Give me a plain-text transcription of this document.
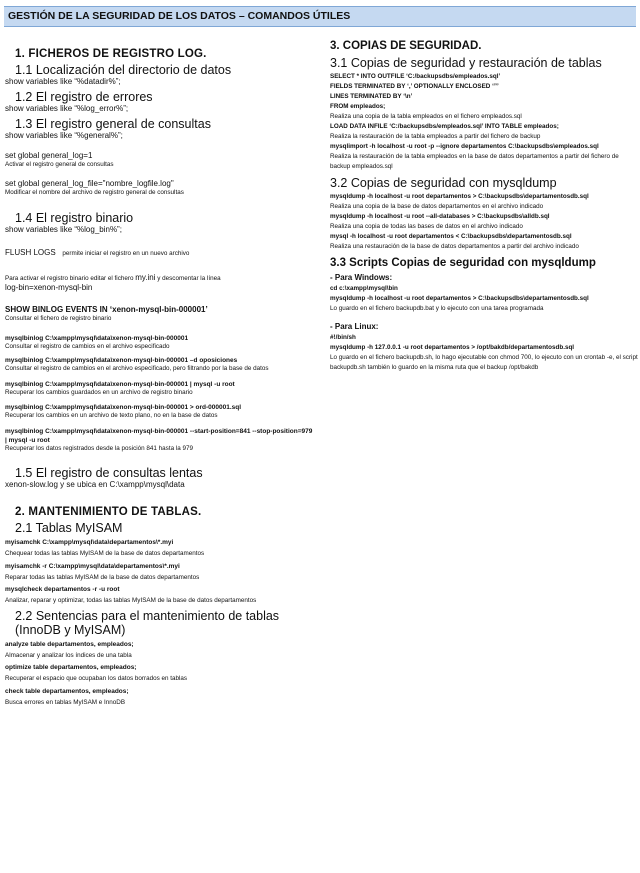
GESTIÓN DE LA SEGURIDAD DE LOS DATOS – COMANDOS ÚTILES
1. FICHEROS DE REGISTRO LOG.
1.1 Localización del directorio de datos
show variables like “%datadir%”;
1.2 El registro de errores
show variables like “%log_error%”;
1.3 El registro general de consultas
show variables like “%general%”;
set global general_log=1
Activar el registro general de consultas
set global general_log_file="nombre_logfile.log"
Modificar el nombre del archivo de registro general de consultas
1.4 El registro binario
show variables like “%log_bin%”;
FLUSH LOGS permite iniciar el registro en un nuevo archivo
Para activar el registro binario editar el fichero my.ini y descomentar la línea
log-bin=xenon-mysql-bin
SHOW BINLOG EVENTS IN ‘xenon-mysql-bin-000001’
Consultar el fichero de registro binario
mysqlbinlog C:\xampp\mysql\data\xenon-mysql-bin-000001
Consultar el registro de cambios en el archivo especificado
mysqlbinlog C:\xampp\mysql\data\xenon-mysql-bin-000001 –d oposiciones
Consultar el registro de cambios en el archivo especificado, pero filtrando por la base de datos
mysqlbinlog C:\xampp\mysql\data\xenon-mysql-bin-000001 | mysql -u root
Recuperar los cambios guardados en un archivo de registro binario
mysqlbinlog C:\xampp\mysql\data\xenon-mysql-bin-000001 > ord-000001.sql
Recuperar los cambios en un archivo de texto plano, no en la base de datos
mysqlbinlog C:\xampp\mysql\data\xenon-mysql-bin-000001 --start-position=841 --stop-position=979 | mysql -u root
Recuperar los datos registrados desde la posición 841 hasta la 979
1.5 El registro de consultas lentas
xenon-slow.log y se ubica en C:\xampp\mysql\data
2. MANTENIMIENTO DE TABLAS.
2.1 Tablas MyISAM
myisamchk C:\xampp\mysql\data\departamentos\*.myi
Chequear todas las tablas MyISAM de la base de datos departamentos
myisamchk -r C:\xampp\mysql\data\departamentos\*.myi
Reparar todas las tablas MyISAM de la base de datos departamentos
mysqlcheck departamentos -r -u root
Analizar, reparar y optimizar, todas las tablas MyISAM de la base de datos departamentos
2.2 Sentencias para el mantenimiento de tablas (InnoDB y MyISAM)
analyze table departamentos, empleados;
Almacenar y analizar los índices de una tabla
optimize table departamentos, empleados;
Recuperar el espacio que ocupaban los datos borrados en tablas
check table departamentos, empleados;
Busca errores en tablas MyISAM e InnoDB
3. COPIAS DE SEGURIDAD.
3.1 Copias de seguridad y restauración de tablas
SELECT * INTO OUTFILE ‘C:/backupsdbs/empleados.sql’
FIELDS TERMINATED BY ‘,’ OPTIONALLY ENCLOSED ‘”’
LINES TERMINATED BY ‘\n’
FROM empleados;
Realiza una copia de la tabla empleados en el fichero empleados.sql
LOAD DATA INFILE ‘C:/backupsdbs/empleados.sql’ INTO TABLE empleados;
Realiza la restauración de la tabla empleados a partir del fichero de backup
mysqlimport -h localhost -u root -p --ignore departamentos C:\backupsdbs\empleados.sql
Realiza la restauración de la tabla empleados en la base de datos departamentos a partir del fichero de backup empleados.sql
3.2 Copias de seguridad con mysqldump
mysqldump -h localhost -u root departamentos > C:\backupsdbs\departamentosdb.sql
Realiza una copia de la base de datos departamentos en el archivo indicado
mysqldump -h localhost -u root --all-databases > C:\backupsdbs\alldb.sql
Realiza una copia de todas las bases de datos en el archivo indicado
mysql -h localhost -u root departamentos < C:\backupsdbs\departamentosdb.sql
Realiza una restauración de la base de datos departamentos a partir del archivo indicado
3.3 Scripts Copias de seguridad con mysqldump
- Para Windows:
cd c:\xampp\mysql\bin
mysqldump -h localhost -u root departamentos > C:\backupsdbs\departamentosdb.sql
Lo guardo en el fichero backupdb.bat y lo ejecuto con una tarea programada
- Para Linux:
#!/bin/sh
mysqldump -h 127.0.0.1 -u root departamentos > /opt/bakdb/departamentosdb.sql
Lo guardo en el fichero backupdb.sh, lo hago ejecutable con chmod 700, lo ejecuto con un crontab -e, el script backupdb.sh también lo guardo en la misma ruta que el backup /opt/bakdb
